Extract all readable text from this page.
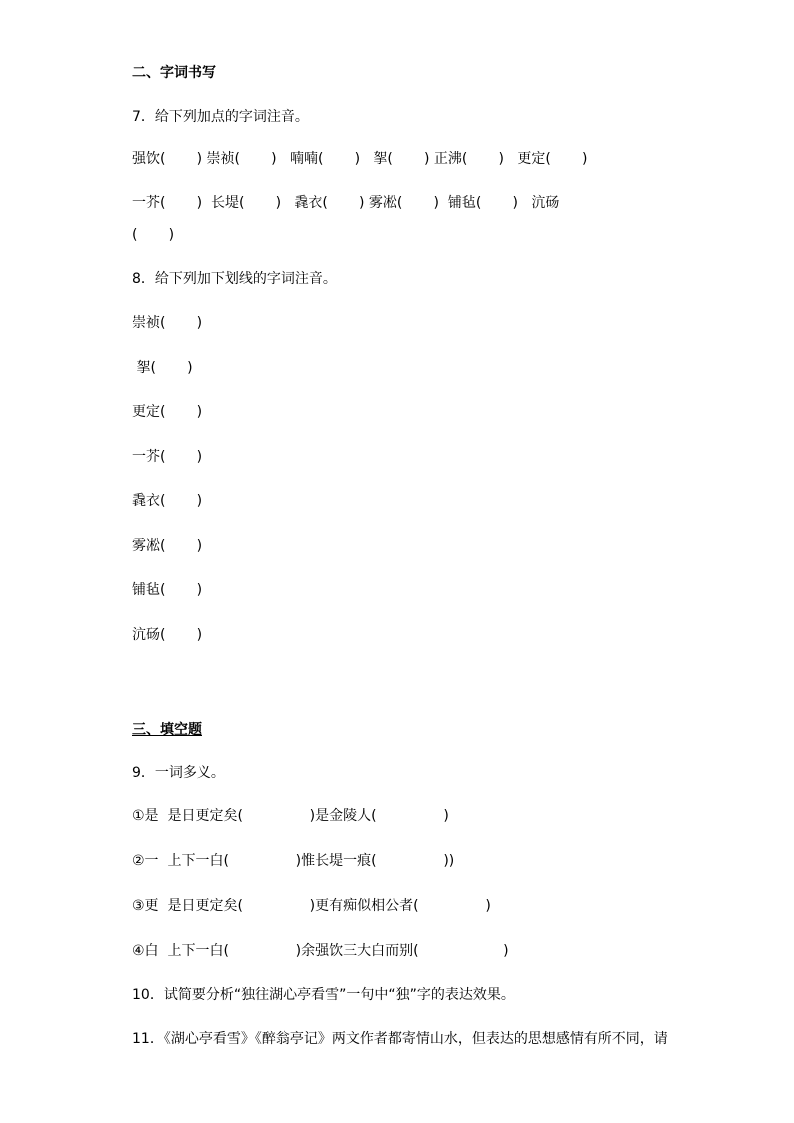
二、字词书写
7．给下列加点的字词注音。
强饮(       ) 崇祯(       )   喃喃(       )   挐(       ) 正沸(       )   更定(       )
一芥(       )  长堤(       )   毳衣(       ) 雾凇(       )  铺毡(       )   沆砀
(       )
8．给下列加下划线的字词注音。
崇祯(       )
挐(       )
更定(       )
一芥(       )
毳衣(       )
雾凇(       )
铺毡(       )
沆砀(       )
三、填空题
9．一词多义。
①是  是日更定矣(               )是金陵人(               )
②一  上下一白(               )惟长堤一痕(               ))
③更  是日更定矣(               )更有痴似相公者(               )
④白  上下一白(               )余强饮三大白而别(                   )
10．试简要分析“独往湖心亭看雪”一句中“独”字的表达效果。
11．《湖心亭看雪》《醉翁亭记》两文作者都寄情山水，但表达的思想感情有所不同，请
